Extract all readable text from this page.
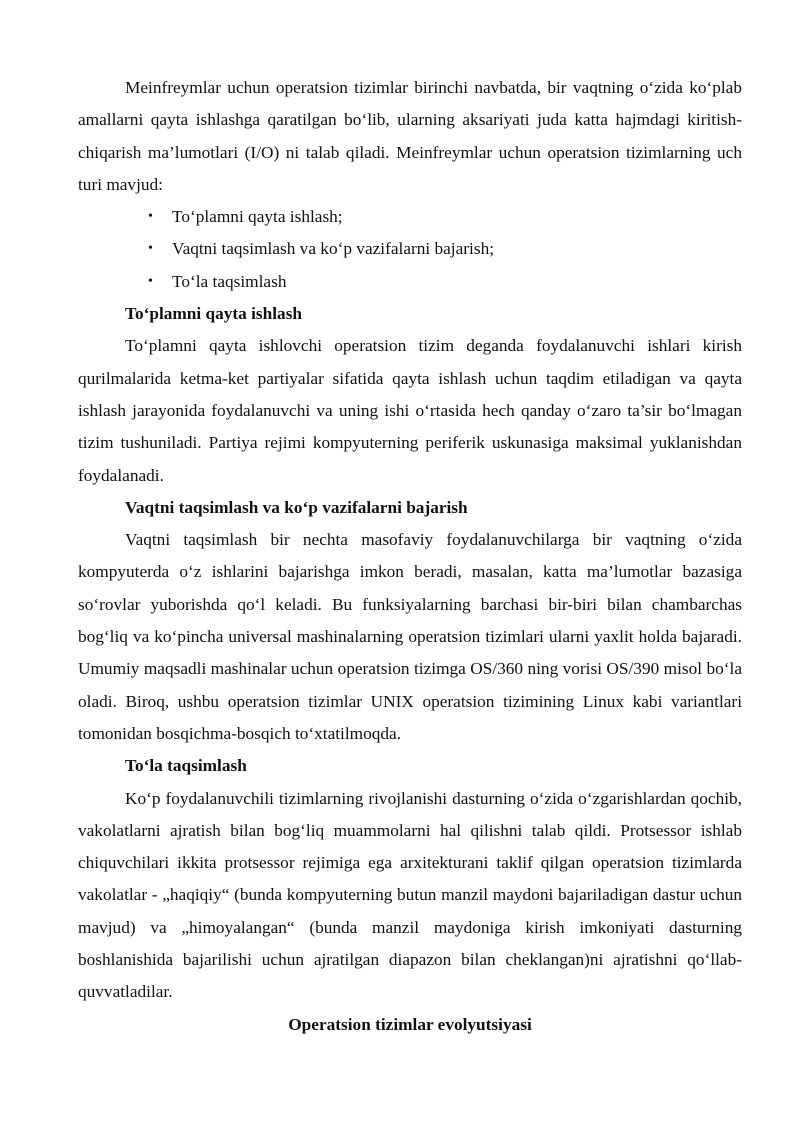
Meinfreymlar uchun operatsion tizimlar birinchi navbatda, bir vaqtning o‘zida ko‘plab amallarni qayta ishlashga qaratilgan bo‘lib, ularning aksariyati juda katta hajmdagi kiritish-chiqarish ma’lumotlari (I/O) ni talab qiladi. Meinfreymlar uchun operatsion tizimlarning uch turi mavjud:

• To‘plamni qayta ishlash;
• Vaqtni taqsimlash va ko‘p vazifalarni bajarish;
• To‘la taqsimlash

To‘plamni qayta ishlash

To‘plamni qayta ishlovchi operatsion tizim deganda foydalanuvchi ishlari kirish qurilmalarida ketma-ket partiyalar sifatida qayta ishlash uchun taqdim etiladigan va qayta ishlash jarayonida foydalanuvchi va uning ishi o‘rtasida hech qanday o‘zaro ta’sir bo‘lmagan tizim tushuniladi. Partiya rejimi kompyuterning periferik uskunasiga maksimal yuklanishdan foydalanadi.

Vaqtni taqsimlash va ko‘p vazifalarni bajarish

Vaqtni taqsimlash bir nechta masofaviy foydalanuvchilarga bir vaqtning o‘zida kompyuterda o‘z ishlarini bajarishga imkon beradi, masalan, katta ma’lumotlar bazasiga so‘rovlar yuborishda qo‘l keladi. Bu funksiyalarning barchasi bir-biri bilan chambarchas bog‘liq va ko‘pincha universal mashinalarning operatsion tizimlari ularni yaxlit holda bajaradi. Umumiy maqsadli mashinalar uchun operatsion tizimga OS/360 ning vorisi OS/390 misol bo‘la oladi. Biroq, ushbu operatsion tizimlar UNIX operatsion tizimining Linux kabi variantlari tomonidan bosqichma-bosqich to‘xtatilmoqda.

To‘la taqsimlash

Ko‘p foydalanuvchili tizimlarning rivojlanishi dasturning o‘zida o‘zgarishlardan qochib, vakolatlarni ajratish bilan bog‘liq muammolarni hal qilishni talab qildi. Protsessor ishlab chiquvchilari ikkita protsessor rejimiga ega arxitekturani taklif qilgan operatsion tizimlarda vakolatlar - „haqiqiy“ (bunda kompyuterning butun manzil maydoni bajariladigan dastur uchun mavjud) va „himoyalangan“ (bunda manzil maydoniga kirish imkoniyati dasturning boshlanishida bajarilishi uchun ajratilgan diapazon bilan cheklangan)ni ajratishni qo‘llab-quvvatladilar.

Operatsion tizimlar evolyutsiyasi
